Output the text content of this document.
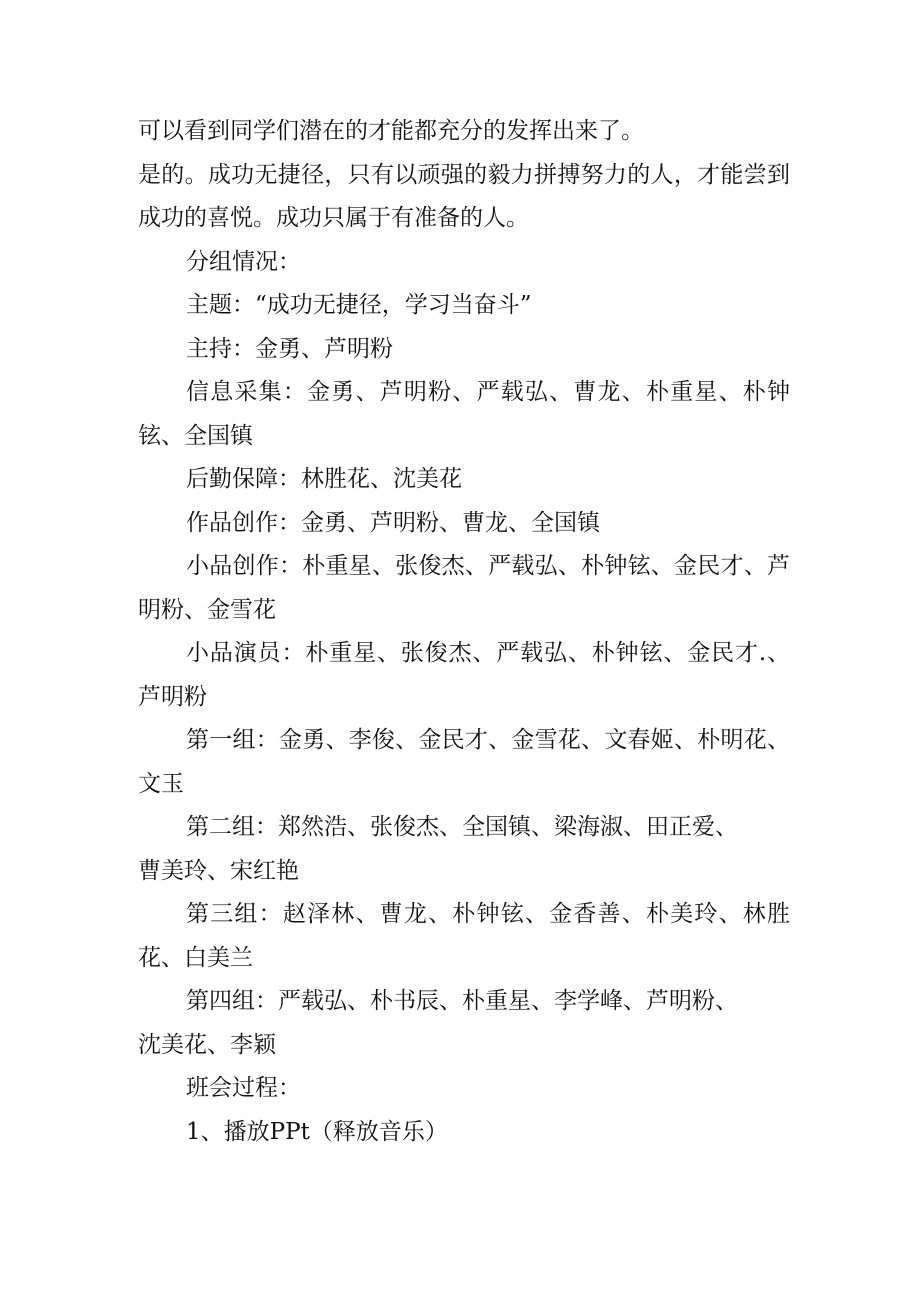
可以看到同学们潜在的才能都充分的发挥出来了。

是的。成功无捷径，只有以顽强的毅力拼搏努力的人，才能尝到成功的喜悦。成功只属于有准备的人。

分组情况：

主题：“成功无捷径，学习当奋斗”

主持：金勇、芦明粉

信息采集：金勇、芦明粉、严载弘、曹龙、朴重星、朴钟铉、全国镇

后勤保障：林胜花、沈美花

作品创作：金勇、芦明粉、曹龙、全国镇

小品创作：朴重星、张俊杰、严载弘、朴钟铉、金民才、芦明粉、金雪花

小品演员：朴重星、张俊杰、严载弘、朴钟铉、金民才.、芦明粉

第一组：金勇、李俊、金民才、金雪花、文春姬、朴明花、文玉

第二组：郑然浩、张俊杰、全国镇、梁海淑、田正爱、
曹美玲、宋红艳

第三组：赵泽林、曹龙、朴钟铉、金香善、朴美玲、林胜花、白美兰

第四组：严载弘、朴书辰、朴重星、李学峰、芦明粉、
沈美花、李颖

班会过程：

1、播放PPt（释放音乐）
